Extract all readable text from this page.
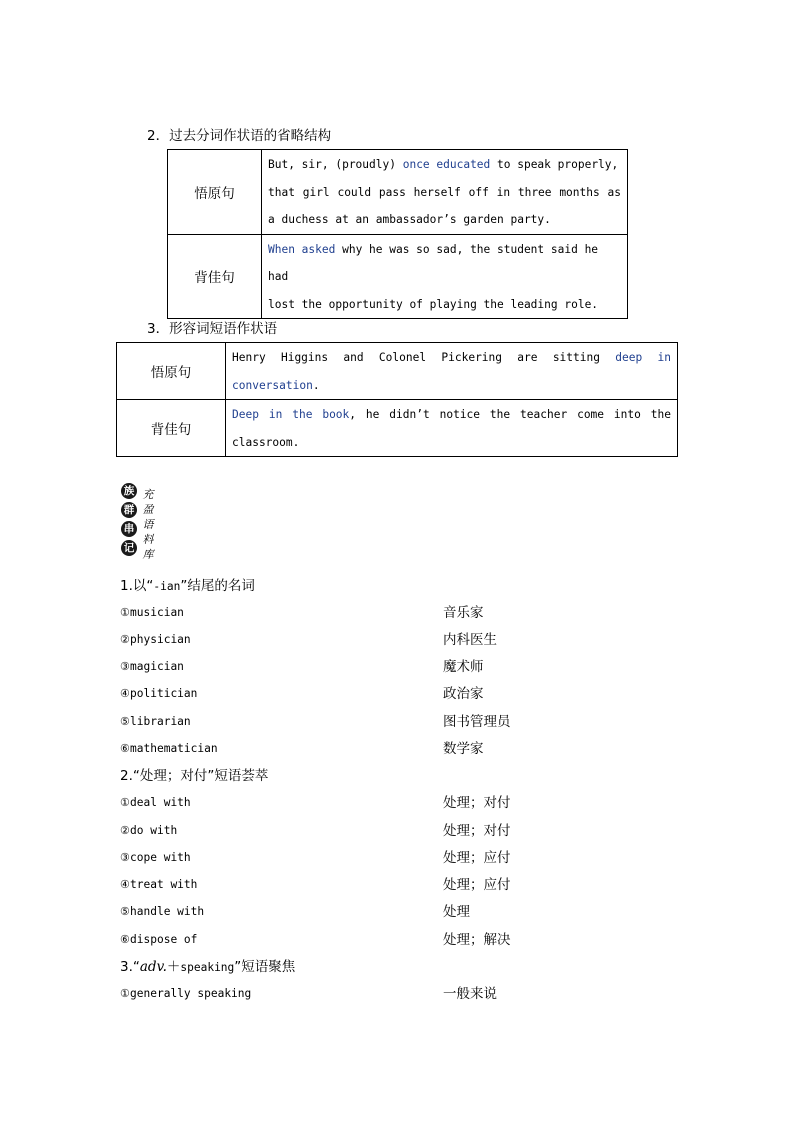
2．过去分词作状语的省略结构
悟原句	But, sir, (proudly) once educated to speak properly,
that girl could pass herself off in three months as
a duchess at an ambassador’s garden party.

背佳句	When asked why he was so sad, the student said he had
lost the opportunity of playing the leading role.
3．形容词短语作状语
悟原句	Henry Higgins and Colonel Pickering are sitting deep in
conversation.

背佳句	Deep in the book, he didn’t notice the teacher come into the
classroom.
族
群
串
记
充
盈
语
料
库
1.以“-ian”结尾的名词
①musician	音乐家
②physician	内科医生
③magician	魔术师
④politician	政治家
⑤librarian	图书管理员
⑥mathematician	数学家
2.“处理；对付”短语荟萃
①deal with	处理；对付
②do with	处理；对付
③cope with	处理；应付
④treat with	处理；应付
⑤handle with	处理
⑥dispose of	处理；解决
3.“adv.＋speaking”短语聚焦
①generally speaking	一般来说
